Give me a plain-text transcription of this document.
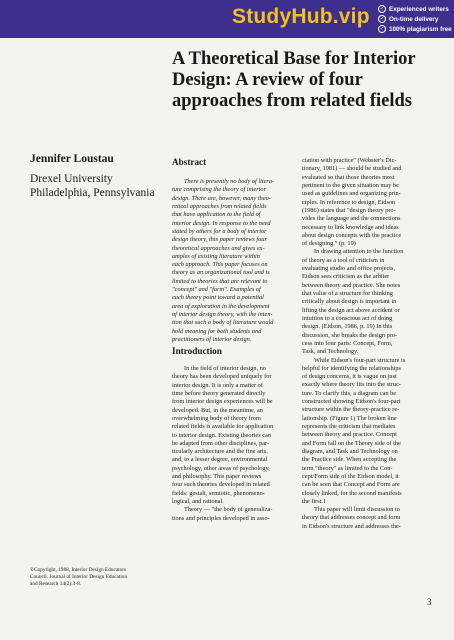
StudyHub.vip	✓ Experienced writers
✓ On-time delivery
✓ 100% plagiarism free
A Theoretical Base for Interior
Design: A review of four
approaches from related fields
Jennifer Loustau
Drexel University
Philadelphia, Pennsylvania
Abstract
There is presently no body of litera-
ture comprising the theory of interior
design. There are, however, many theo-
retical approaches from related fields
that have application to the field of
interior design. In response to the need
stated by others for a body of interior
design theory, this paper reviews four
theoretical approaches and gives ex-
amples of existing literature within
each approach. This paper focuses on
theory as an organizational tool and is
limited to theories that are relevant to
"concept" and "form". Examples of
each theory point toward a potential
area of exploration in the development
of interior design theory, with the inten-
tion that such a body of literature would
hold meaning for both students and
practitioners of interior design.
Introduction
In the field of interior design, no
theory has been developed uniquely for
interior design. It is only a matter of
time before theory generated directly
from interior design experiences will be
developed. But, in the meantime, an
overwhelming body of theory from
related fields is available for application
to interior design. Existing theories can
be adapted from other disciplines, par-
ticularly architecture and the fine arts,
and, to a lesser degree, environmental
psychology, other areas of psychology,
and philosophy. This paper reviews
four such theories developed in related
fields: gestalt, semiotic, phenomeno-
logical, and rational.
Theory — "the body of generaliza-
tions and principles developed in asso-
ciation with practice" (Webster's Dic-
tionary, 1981) — should be studied and
evaluated so that those theories most
pertinent to the given situation may be
used as guidelines and organizing prin-
ciples. In reference to design, Eidson
(1986) states that "design theory pro-
vides the language and the connections
necessary to link knowledge and ideas
about design concepts with the practice
of designing." (p. 19)
In drawing attention to the function
of theory as a tool of criticism in
evaluating studio and office projects,
Eidson sees criticism as the arbiter
between theory and practice. She notes
that value of a structure for thinking
critically about design is important in
lifting the design act above accident or
intuition to a conscious act of doing
design. (Eidson, 1986, p. 19) In this
discussion, she breaks the design pro-
cess into four parts: Concept, Form,
Task, and Technology.
While Eidson's four-part structure is
helpful for identifying the relationships
of design concerns, it is vague on just
exactly where theory fits into the struc-
ture. To clarify this, a diagram can be
constructed showing Eidson's four-part
structure within the theory-practice re-
lationship. (Figure 1) The broken line
represents the criticism that mediates
between theory and practice. Concept
and Form fall on the Theory side of the
diagram, and Task and Technology on
the Practice side. When accepting the
term "theory" as limited to the Con-
cept/Form side of the Eidson model, it
can be seen that Concept and Form are
closely linked, for the second manifests
the first.1
This paper will limit discussion to
theory that addresses concept and form
in Eidson's structure and addresses the-
©Copyright, 1988, Interior Design Educators
Council. Journal of Interior Design Education
and Research 14(2):3-8.
3
